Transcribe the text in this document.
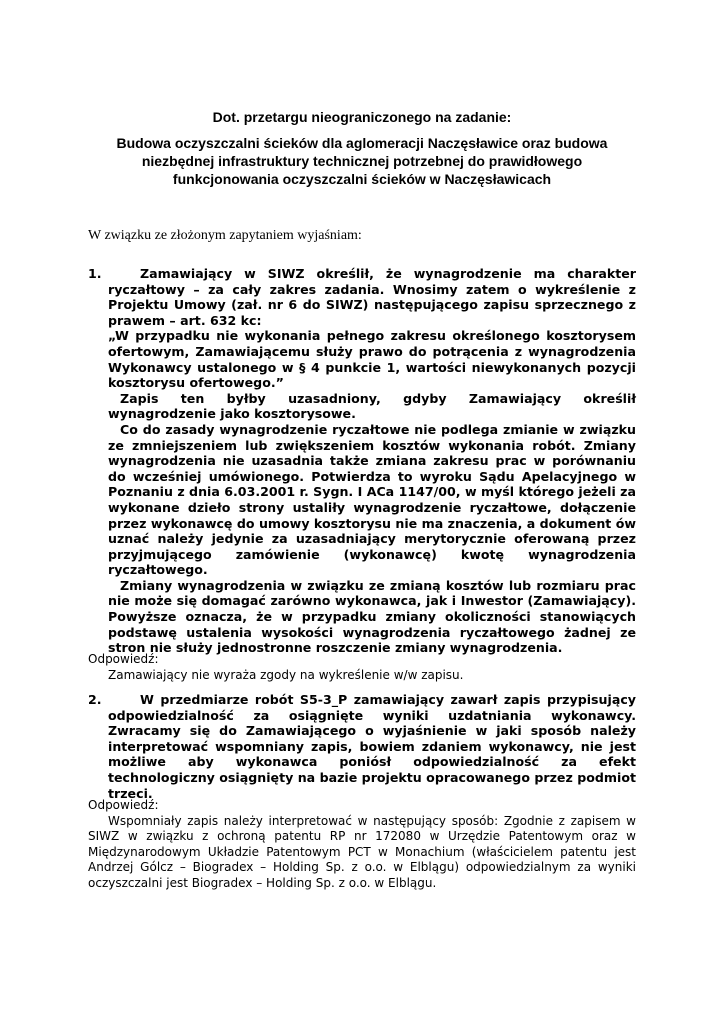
Dot. przetargu nieograniczonego na zadanie:

Budowa oczyszczalni ścieków dla aglomeracji Naczęsławice oraz budowa niezbędnej infrastruktury technicznej potrzebnej do prawidłowego funkcjonowania oczyszczalni ścieków w Naczęsławicach

W związku ze złożonym zapytaniem wyjaśniam:
1.	Zamawiający w SIWZ określił, że wynagrodzenie ma charakter ryczałtowy – za cały zakres zadania. Wnosimy zatem o wykreślenie z Projektu Umowy (zał. nr 6 do SIWZ) następującego zapisu sprzecznego z prawem – art. 632 kc:

„W przypadku nie wykonania pełnego zakresu określonego kosztorysem ofertowym, Zamawiającemu służy prawo do potrącenia z wynagrodzenia Wykonawcy ustalonego w § 4 punkcie 1, wartości niewykonanych pozycji kosztorysu ofertowego.”

Zapis ten byłby uzasadniony, gdyby Zamawiający określił wynagrodzenie jako kosztorysowe.

Co do zasady wynagrodzenie ryczałtowe nie podlega zmianie w związku ze zmniejszeniem lub zwiększeniem kosztów wykonania robót. Zmiany wynagrodzenia nie uzasadnia także zmiana zakresu prac w porównaniu do wcześniej umówionego. Potwierdza to wyroku Sądu Apelacyjnego w Poznaniu z dnia 6.03.2001 r. Sygn. I ACa 1147/00, w myśl którego jeżeli za wykonane dzieło strony ustaliły wynagrodzenie ryczałtowe, dołączenie przez wykonawcę do umowy kosztorysu nie ma znaczenia, a dokument ów uznać należy jedynie za uzasadniający merytorycznie oferowaną przez przyjmującego zamówienie (wykonawcę) kwotę wynagrodzenia ryczałtowego.

Zmiany wynagrodzenia w związku ze zmianą kosztów lub rozmiaru prac nie może się domagać zarówno wykonawca, jak i Inwestor (Zamawiający). Powyższe oznacza, że w przypadku zmiany okoliczności stanowiących podstawę ustalenia wysokości wynagrodzenia ryczałtowego żadnej ze stron nie służy jednostronne roszczenie zmiany wynagrodzenia.

Odpowiedź:

Zamawiający nie wyraża zgody na wykreślenie w/w zapisu.

2.	W przedmiarze robót S5-3_P zamawiający zawarł zapis przypisujący odpowiedzialność za osiągnięte wyniki uzdatniania wykonawcy. Zwracamy się do Zamawiającego o wyjaśnienie w jaki sposób należy interpretować wspomniany zapis, bowiem zdaniem wykonawcy, nie jest możliwe aby wykonawca poniósł odpowiedzialność za efekt technologiczny osiągnięty na bazie projektu opracowanego przez podmiot trzeci.

Odpowiedź:

Wspomniały zapis należy interpretować w następujący sposób: Zgodnie z zapisem w SIWZ w związku z ochroną patentu RP nr 172080 w Urzędzie Patentowym oraz w Międzynarodowym Układzie Patentowym PCT w Monachium (właścicielem patentu jest Andrzej Gólcz – Biogradex – Holding Sp. z o.o. w Elblągu) odpowiedzialnym za wyniki oczyszczalni jest Biogradex – Holding Sp. z o.o. w Elblągu.
